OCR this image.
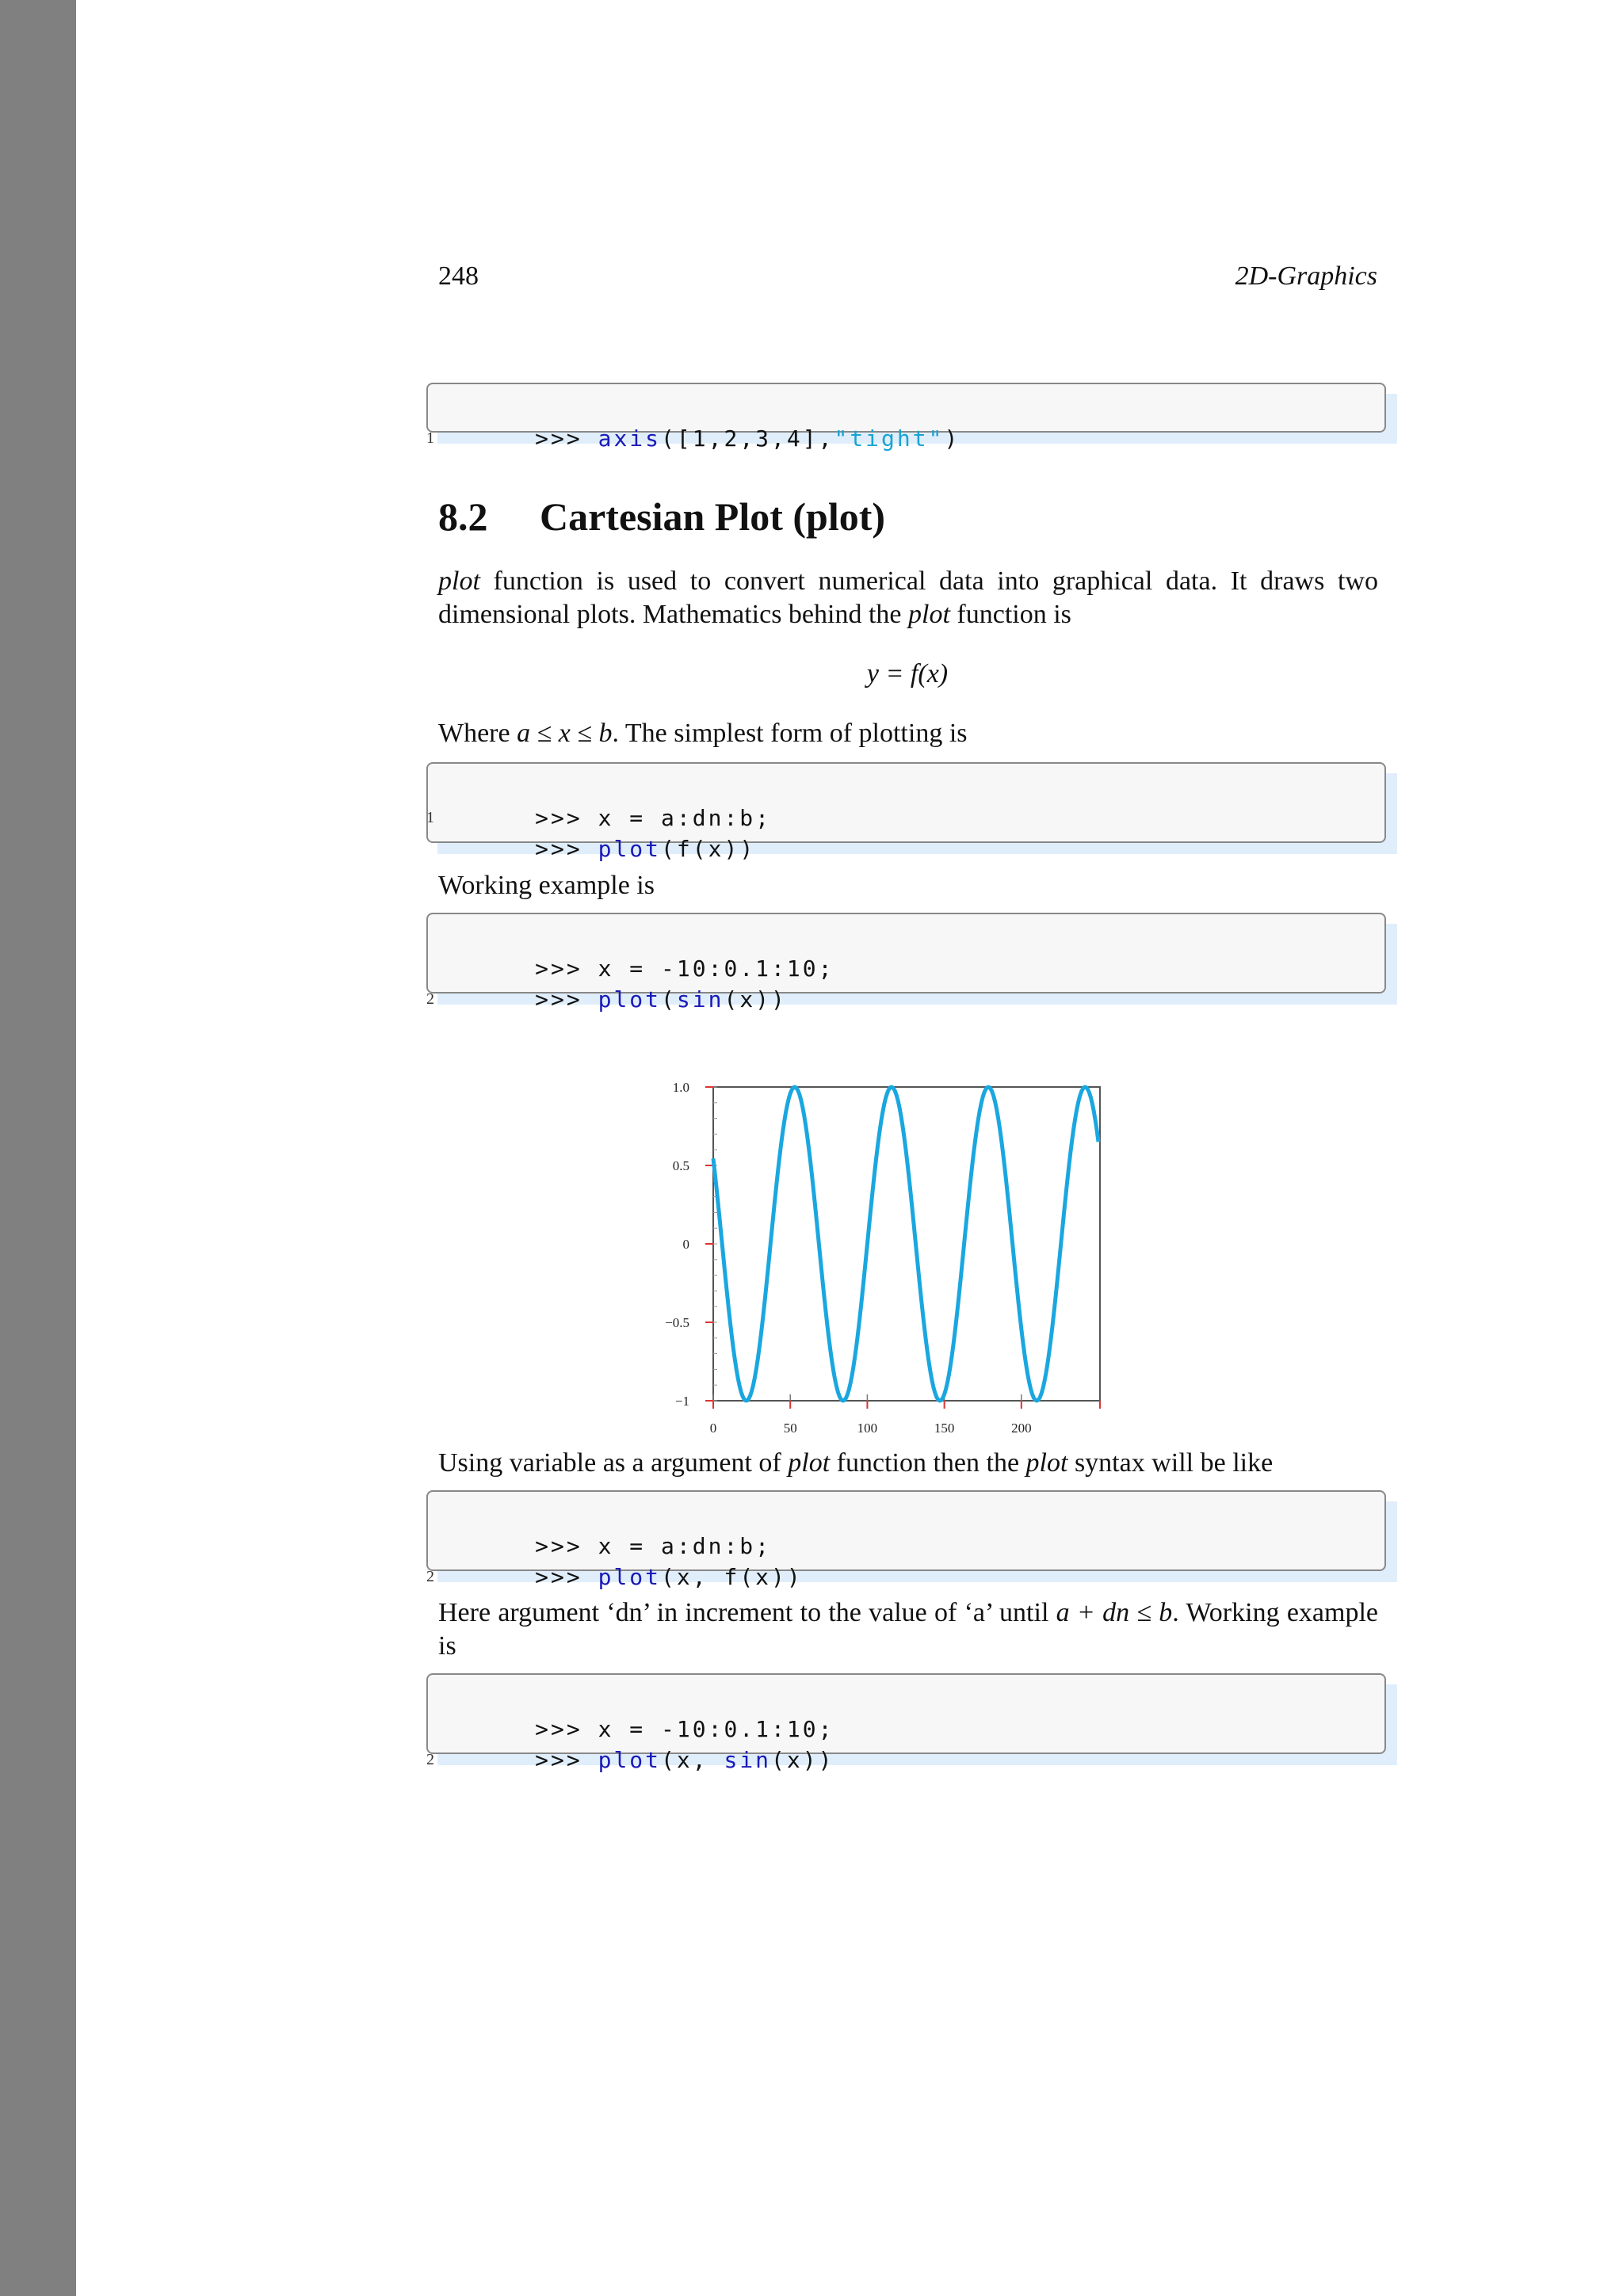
248	2D-Graphics

1	>>> axis([1,2,3,4],"tight")

8.2 Cartesian Plot (plot)
plot function is used to convert numerical data into graphical data. It draws two dimensional plots. Mathematics behind the plot function is
y = f(x)
Where a ≤ x ≤ b. The simplest form of plotting is

1	>>> x = a:dn:b;

>>> plot(f(x))

Working example is

>>> x = -10:0.1:10;

2	>>> plot(sin(x))

0	50	100	150	200
1.0
0.5
0
−0.5
−1
Using variable as a argument of plot function then the plot syntax will be like

>>> x = a:dn:b;

2	>>> plot(x, f(x))

Here argument ‘dn’ in increment to the value of ‘a’ until a + dn ≤ b. Working example is

>>> x = -10:0.1:10;

2	>>> plot(x, sin(x))
